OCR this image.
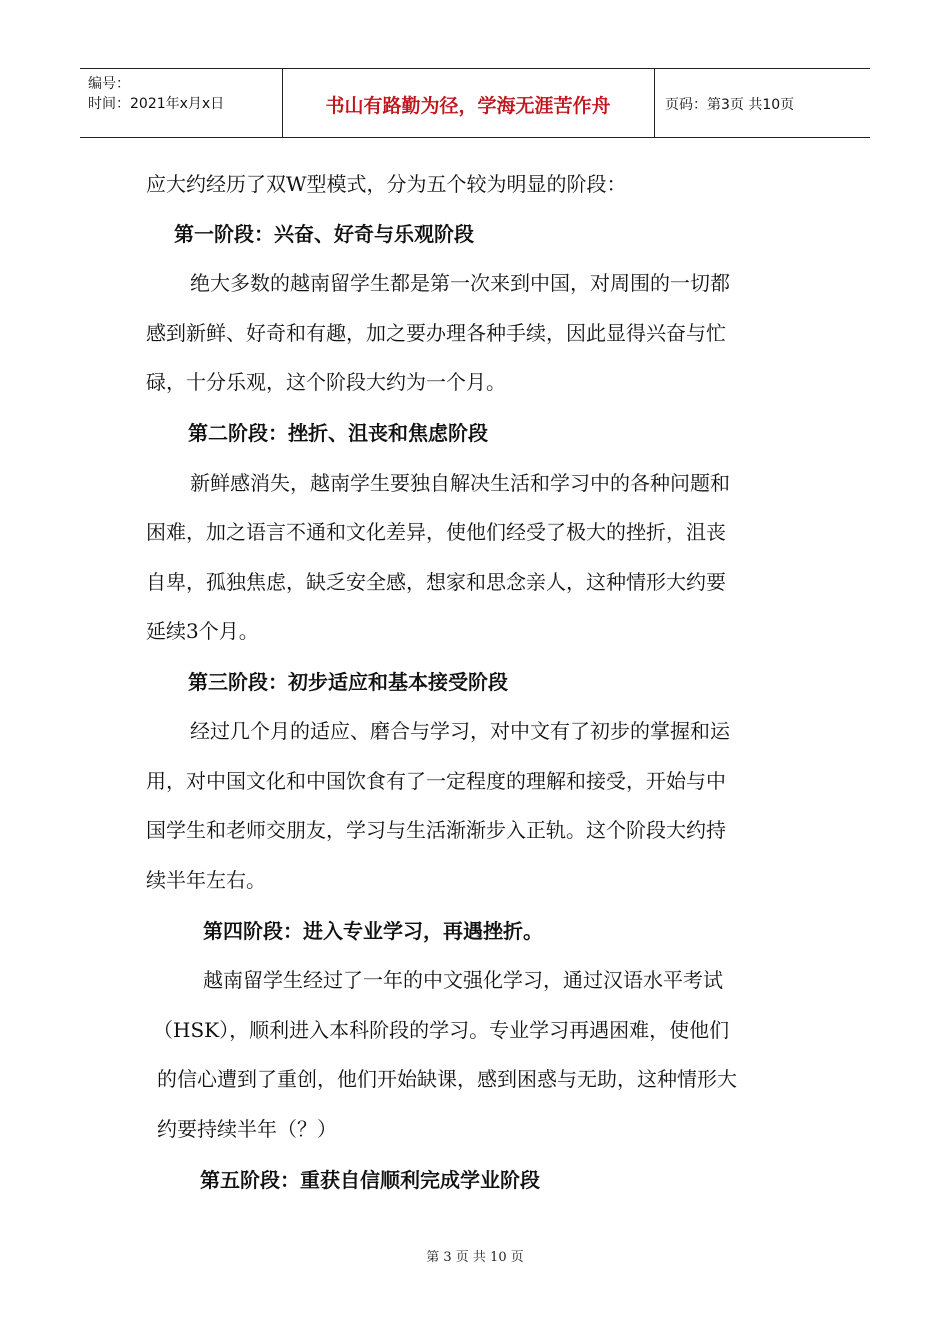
编号：
时间：2021年x月x日	书山有路勤为径，学海无涯苦作舟	页码：第3页 共10页
应大约经历了双W型模式，分为五个较为明显的阶段：
第一阶段：兴奋、好奇与乐观阶段
绝大多数的越南留学生都是第一次来到中国，对周围的一切都
感到新鲜、好奇和有趣，加之要办理各种手续，因此显得兴奋与忙
碌，十分乐观，这个阶段大约为一个月。
第二阶段：挫折、沮丧和焦虑阶段
新鲜感消失，越南学生要独自解决生活和学习中的各种问题和
困难，加之语言不通和文化差异，使他们经受了极大的挫折，沮丧
自卑，孤独焦虑，缺乏安全感，想家和思念亲人，这种情形大约要
延续3个月。
第三阶段：初步适应和基本接受阶段
经过几个月的适应、磨合与学习，对中文有了初步的掌握和运
用，对中国文化和中国饮食有了一定程度的理解和接受，开始与中
国学生和老师交朋友，学习与生活渐渐步入正轨。这个阶段大约持
续半年左右。
第四阶段：进入专业学习，再遇挫折。
越南留学生经过了一年的中文强化学习，通过汉语水平考试
（HSK），顺利进入本科阶段的学习。专业学习再遇困难，使他们
的信心遭到了重创，他们开始缺课，感到困惑与无助，这种情形大
约要持续半年（？）
第五阶段：重获自信顺利完成学业阶段
第 3 页 共 10 页
